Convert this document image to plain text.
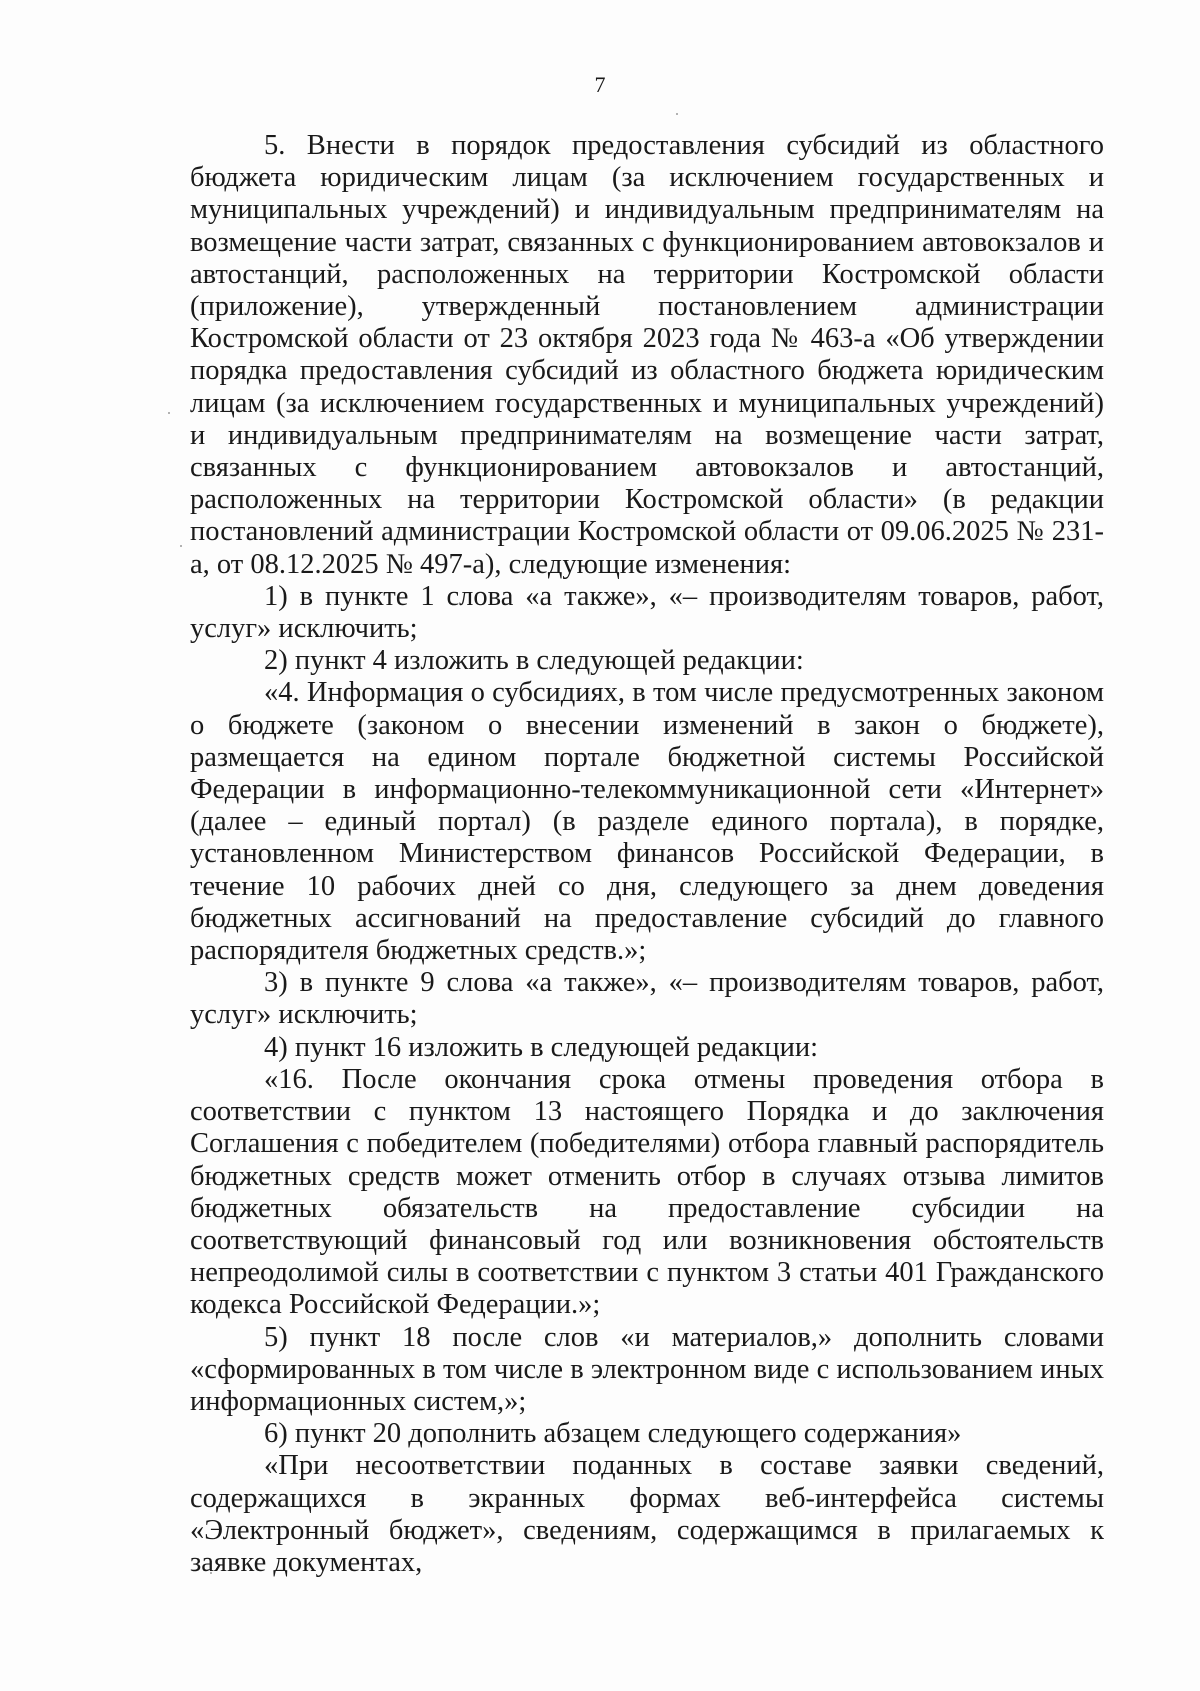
7

5. Внести в порядок предоставления субсидий из областного бюджета юридическим лицам (за исключением государственных и муниципальных учреждений) и индивидуальным предпринимателям на возмещение части затрат, связанных с функционированием автовокзалов и автостанций, расположенных на территории Костромской области (приложение), утвержденный постановлением администрации Костромской области от 23 октября 2023 года № 463-а «Об утверждении порядка предоставления субсидий из областного бюджета юридическим лицам (за исключением государственных и муниципальных учреждений) и индивидуальным предпринимателям на возмещение части затрат, связанных с функционированием автовокзалов и автостанций, расположенных на территории Костромской области» (в редакции постановлений администрации Костромской области от 09.06.2025 № 231-а, от 08.12.2025 № 497-а), следующие изменения:

1) в пункте 1 слова «а также», «– производителям товаров, работ, услуг» исключить;

2) пункт 4 изложить в следующей редакции:

«4. Информация о субсидиях, в том числе предусмотренных законом о бюджете (законом о внесении изменений в закон о бюджете), размещается на едином портале бюджетной системы Российской Федерации в информационно-телекоммуникационной сети «Интернет» (далее – единый портал) (в разделе единого портала), в порядке, установленном Министерством финансов Российской Федерации, в течение 10 рабочих дней со дня, следующего за днем доведения бюджетных ассигнований на предоставление субсидий до главного распорядителя бюджетных средств.»;

3) в пункте 9 слова «а также», «– производителям товаров, работ, услуг» исключить;

4) пункт 16 изложить в следующей редакции:

«16. После окончания срока отмены проведения отбора в соответствии с пунктом 13 настоящего Порядка и до заключения Соглашения с победителем (победителями) отбора главный распорядитель бюджетных средств может отменить отбор в случаях отзыва лимитов бюджетных обязательств на предоставление субсидии на соответствующий финансовый год или возникновения обстоятельств непреодолимой силы в соответствии с пунктом 3 статьи 401 Гражданского кодекса Российской Федерации.»;

5) пункт 18 после слов «и материалов,» дополнить словами «сформированных в том числе в электронном виде с использованием иных информационных систем,»;

6) пункт 20 дополнить абзацем следующего содержания»

«При несоответствии поданных в составе заявки сведений, содержащихся в экранных формах веб-интерфейса системы «Электронный бюджет», сведениям, содержащимся в прилагаемых к заявке документах,
